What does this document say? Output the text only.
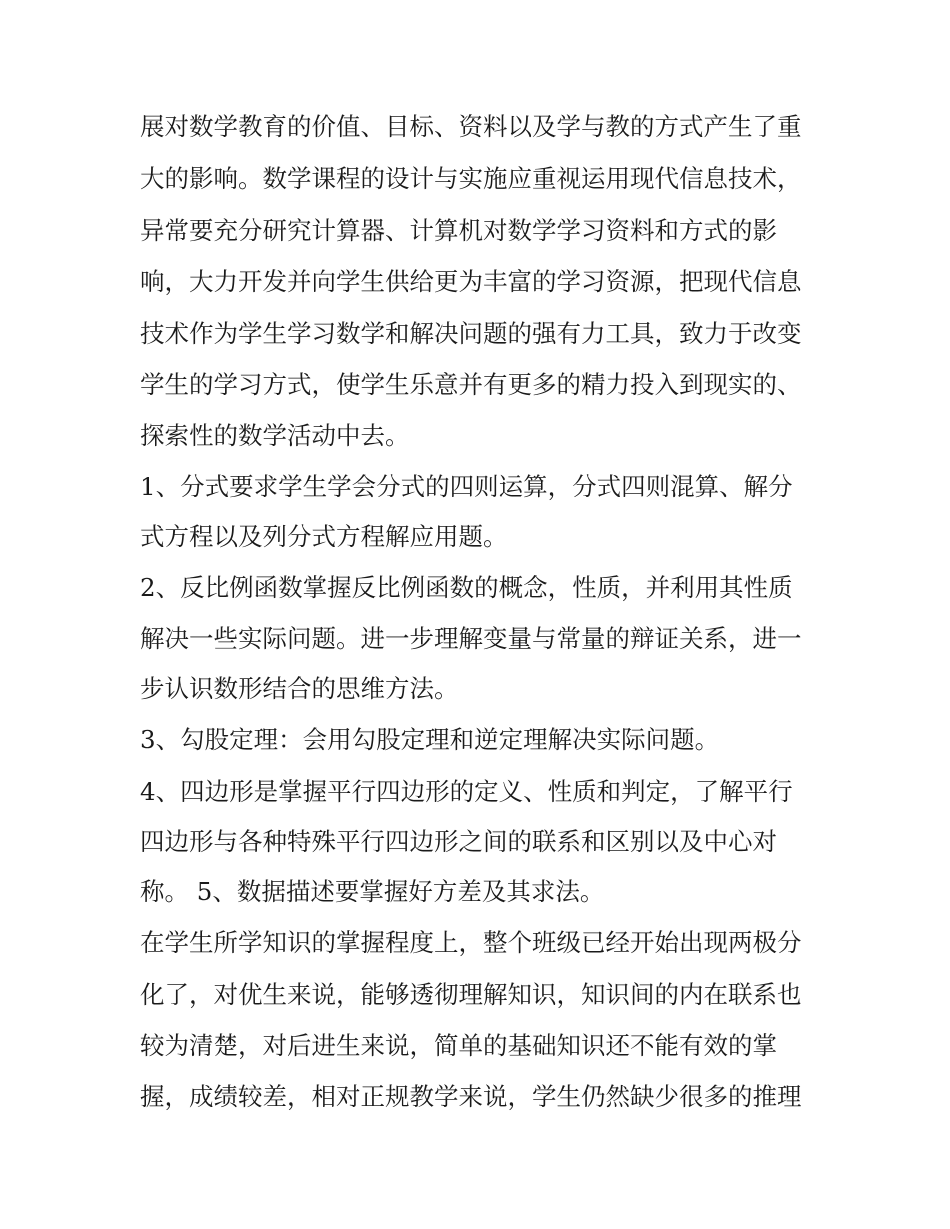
展对数学教育的价值、目标、资料以及学与教的方式产生了重
大的影响。数学课程的设计与实施应重视运用现代信息技术，
异常要充分研究计算器、计算机对数学学习资料和方式的影
响，大力开发并向学生供给更为丰富的学习资源，把现代信息
技术作为学生学习数学和解决问题的强有力工具，致力于改变
学生的学习方式，使学生乐意并有更多的精力投入到现实的、
探索性的数学活动中去。
1、分式要求学生学会分式的四则运算，分式四则混算、解分
式方程以及列分式方程解应用题。
2、反比例函数掌握反比例函数的概念，性质，并利用其性质
解决一些实际问题。进一步理解变量与常量的辩证关系，进一
步认识数形结合的思维方法。
3、勾股定理：会用勾股定理和逆定理解决实际问题。
4、四边形是掌握平行四边形的定义、性质和判定，了解平行
四边形与各种特殊平行四边形之间的联系和区别以及中心对
称。 5、数据描述要掌握好方差及其求法。
在学生所学知识的掌握程度上，整个班级已经开始出现两极分
化了，对优生来说，能够透彻理解知识，知识间的内在联系也
较为清楚，对后进生来说，简单的基础知识还不能有效的掌
握，成绩较差，相对正规教学来说，学生仍然缺少很多的推理
